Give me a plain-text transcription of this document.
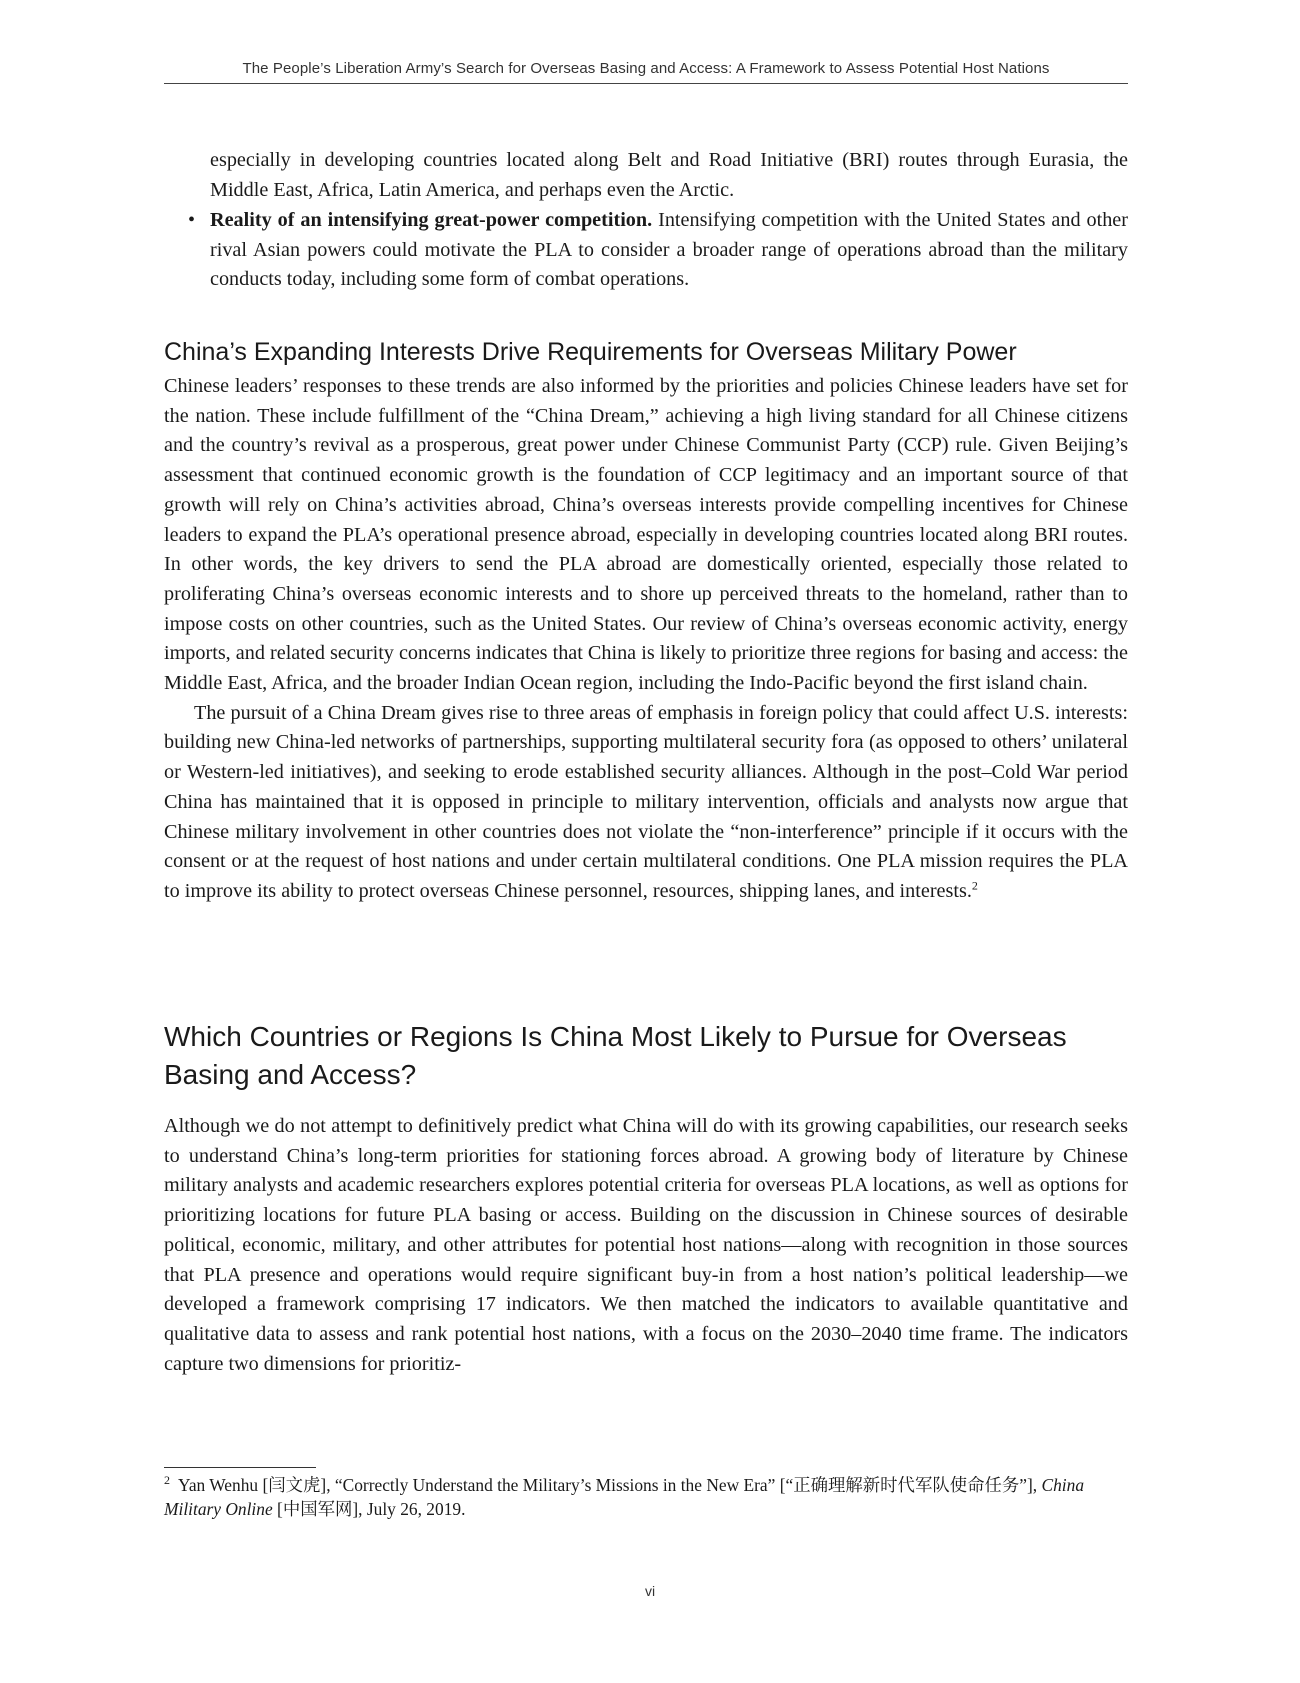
The People’s Liberation Army’s Search for Overseas Basing and Access: A Framework to Assess Potential Host Nations

especially in developing countries located along Belt and Road Initiative (BRI) routes through Eurasia, the Middle East, Africa, Latin America, and perhaps even the Arctic.

• Reality of an intensifying great-power competition. Intensifying competition with the United States and other rival Asian powers could motivate the PLA to consider a broader range of operations abroad than the military conducts today, including some form of combat operations.

China’s Expanding Interests Drive Requirements for Overseas Military Power

Chinese leaders’ responses to these trends are also informed by the priorities and policies Chinese leaders have set for the nation. These include fulfillment of the “China Dream,” achieving a high living standard for all Chinese citizens and the country’s revival as a prosperous, great power under Chinese Communist Party (CCP) rule. Given Beijing’s assessment that continued economic growth is the foundation of CCP legitimacy and an important source of that growth will rely on China’s activities abroad, China’s overseas interests provide compelling incentives for Chinese leaders to expand the PLA’s operational presence abroad, especially in developing countries located along BRI routes. In other words, the key drivers to send the PLA abroad are domestically oriented, especially those related to proliferating China’s overseas economic interests and to shore up perceived threats to the homeland, rather than to impose costs on other countries, such as the United States. Our review of China’s overseas economic activity, energy imports, and related security concerns indicates that China is likely to prioritize three regions for basing and access: the Middle East, Africa, and the broader Indian Ocean region, including the Indo-Pacific beyond the first island chain.

The pursuit of a China Dream gives rise to three areas of emphasis in foreign policy that could affect U.S. interests: building new China-led networks of partnerships, supporting multilateral security fora (as opposed to others’ unilateral or Western-led initiatives), and seeking to erode established security alliances. Although in the post–Cold War period China has maintained that it is opposed in principle to military intervention, officials and analysts now argue that Chinese military involvement in other countries does not violate the “non-interference” principle if it occurs with the consent or at the request of host nations and under certain multilateral conditions. One PLA mission requires the PLA to improve its ability to protect overseas Chinese personnel, resources, shipping lanes, and interests.$^2$

Which Countries or Regions Is China Most Likely to Pursue for Overseas Basing and Access?

Although we do not attempt to definitively predict what China will do with its growing capabilities, our research seeks to understand China’s long-term priorities for stationing forces abroad. A growing body of literature by Chinese military analysts and academic researchers explores potential criteria for overseas PLA locations, as well as options for prioritizing locations for future PLA basing or access. Building on the discussion in Chinese sources of desirable political, economic, military, and other attributes for potential host nations—along with recognition in those sources that PLA presence and operations would require significant buy-in from a host nation’s political leadership—we developed a framework comprising 17 indicators. We then matched the indicators to available quantitative and qualitative data to assess and rank potential host nations, with a focus on the 2030–2040 time frame. The indicators capture two dimensions for prioritiz-

$^2$ Yan Wenhu [闫文虎], “Correctly Understand the Military’s Missions in the New Era” [“正确理解新时代军队使命任务”], China Military Online [中国军网], July 26, 2019.
vi
